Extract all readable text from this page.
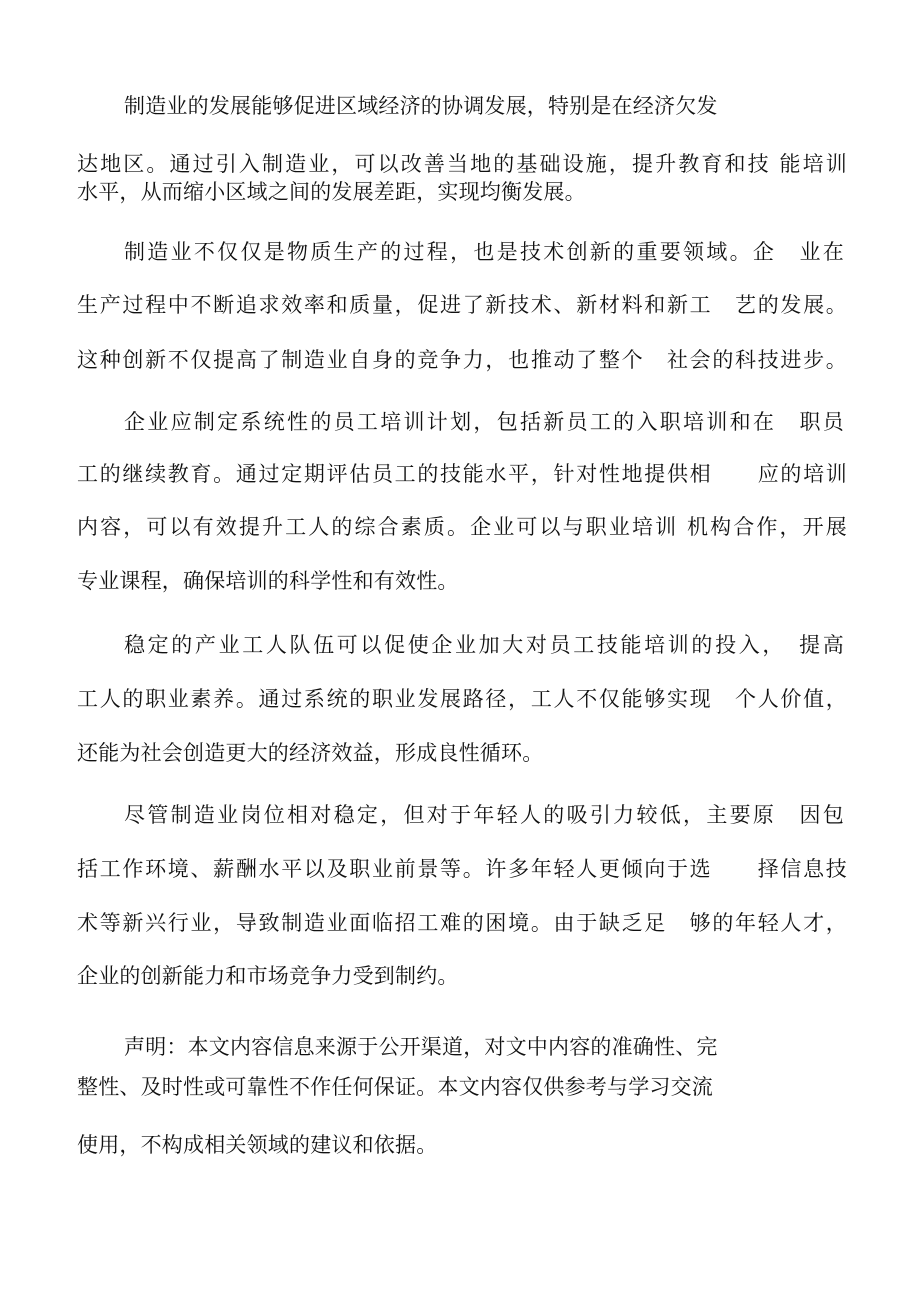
制造业的发展能够促进区域经济的协调发展，特别是在经济欠发
达地区。通过引入制造业，可以改善当地的基础设施，提升教育和技 能培训
水平，从而缩小区域之间的发展差距，实现均衡发展。
制造业不仅仅是物质生产的过程，也是技术创新的重要领域。企　业在
生产过程中不断追求效率和质量，促进了新技术、新材料和新工　艺的发展。
这种创新不仅提高了制造业自身的竞争力，也推动了整个　社会的科技进步。
企业应制定系统性的员工培训计划，包括新员工的入职培训和在　职员
工的继续教育。通过定期评估员工的技能水平，针对性地提供相　　应的培训
内容，可以有效提升工人的综合素质。企业可以与职业培训 机构合作，开展
专业课程，确保培训的科学性和有效性。
稳定的产业工人队伍可以促使企业加大对员工技能培训的投入，　提高
工人的职业素养。通过系统的职业发展路径，工人不仅能够实现　个人价值，
还能为社会创造更大的经济效益，形成良性循环。
尽管制造业岗位相对稳定，但对于年轻人的吸引力较低，主要原　因包
括工作环境、薪酬水平以及职业前景等。许多年轻人更倾向于选　　择信息技
术等新兴行业，导致制造业面临招工难的困境。由于缺乏足　够的年轻人才，
企业的创新能力和市场竞争力受到制约。
声明：本文内容信息来源于公开渠道，对文中内容的准确性、完
整性、及时性或可靠性不作任何保证。本文内容仅供参考与学习交流
使用，不构成相关领域的建议和依据。
